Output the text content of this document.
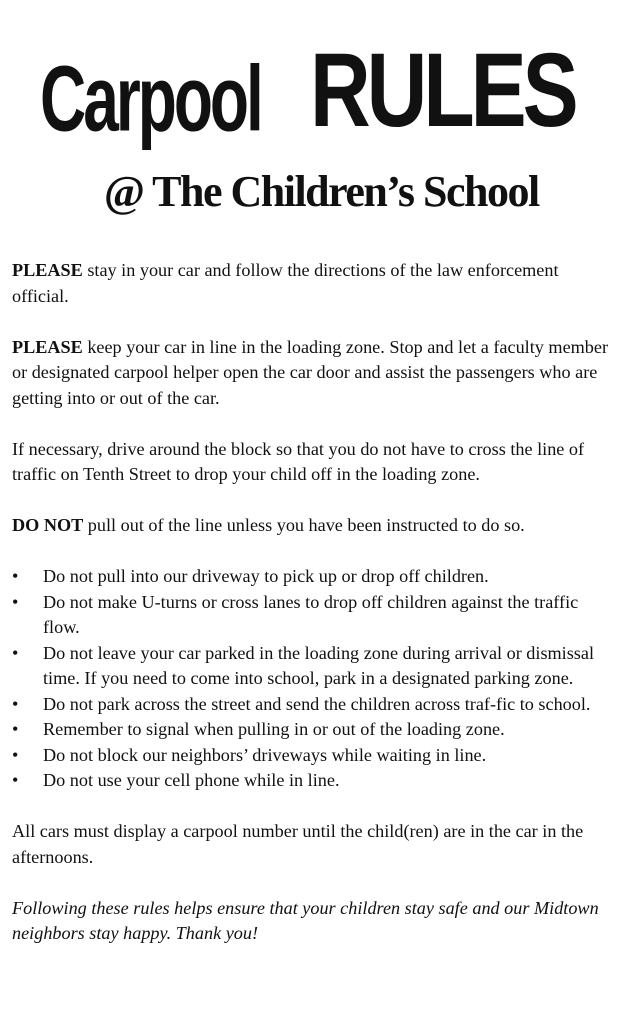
Carpool RULES
@ The Children’s School

PLEASE stay in your car and follow the directions of the law enforcement official.

PLEASE keep your car in line in the loading zone. Stop and let a faculty member or designated carpool helper open the car door and assist the passengers who are getting into or out of the car.

If necessary, drive around the block so that you do not have to cross the line of traffic on Tenth Street to drop your child off in the loading zone.

DO NOT pull out of the line unless you have been instructed to do so.

• Do not pull into our driveway to pick up or drop off children.
• Do not make U-turns or cross lanes to drop off children against the traffic flow.
• Do not leave your car parked in the loading zone during arrival or dismissal time. If you need to come into school, park in a designated parking zone.
• Do not park across the street and send the children across traf-fic to school.
• Remember to signal when pulling in or out of the loading zone.
• Do not block our neighbors’ driveways while waiting in line.
• Do not use your cell phone while in line.

All cars must display a carpool number until the child(ren) are in the car in the afternoons.

Following these rules helps ensure that your children stay safe and our Midtown neighbors stay happy. Thank you!
